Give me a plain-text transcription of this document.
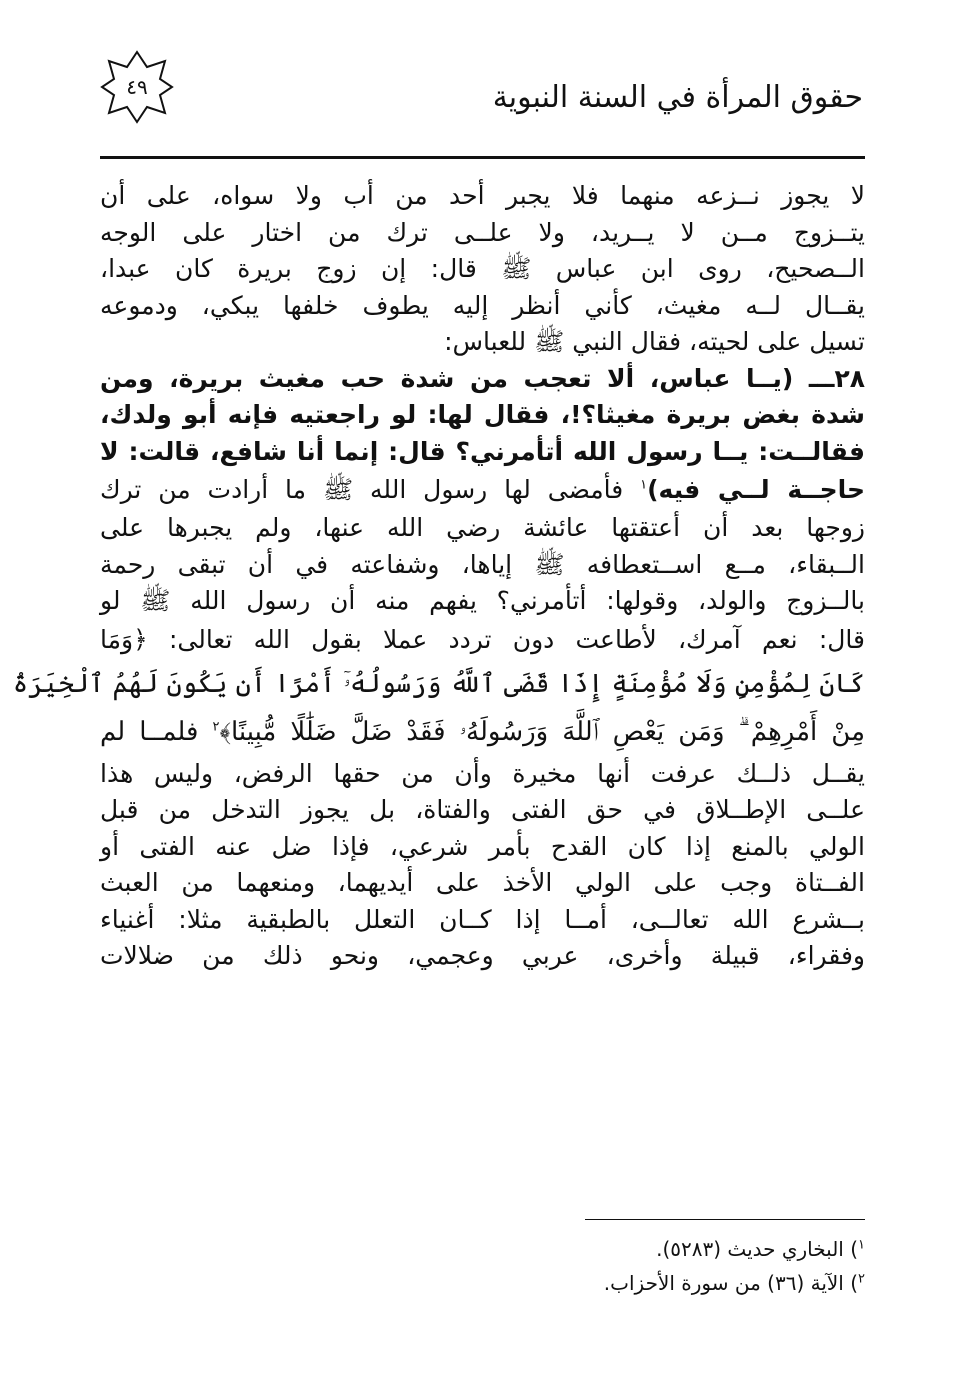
حقوق المرأة في السنة النبوية
٤٩
لا يجوز نــزعه منهما فلا يجبر أحد من أب ولا سواه، على أن
يتــزوج مــن لا يــريد، ولا علــى ترك من اختار على الوجه
الــصحيح، روى ابن عباس ﷺ قال: إن زوج بريرة كان عبدا،
يقــال لــه مغيث، كأني أنظر إليه يطوف خلفها يبكي، ودموعه
تسيل على لحيته، فقال النبي ﷺ للعباس:
٢٨ـــ (يــا عباس، ألا تعجب من شدة حب مغيث بريرة، ومن
شدة بغض بريرة مغيثا؟!، فقال لها: لو راجعتيه فإنه أبو ولدك،
فقالــت: يــا رسول الله أتأمرني؟ قال: إنما أنا شافع، قالت: لا
حاجــة لــي فيه)$^١$ فأمضى لها رسول الله ﷺ ما أرادت من ترك
زوجها بعد أن أعتقتها عائشة رضي الله عنها، ولم يجبرها على
الــبقاء، مــع اســتعطافه ﷺ إياها، وشفاعته في أن تبقى رحمة
بالــزوج والولد، وقولها: أتأمرني؟ يفهم منه أن رسول الله ﷺ لو
قال: نعم آمرك، لأطاعت دون تردد عملا بقول الله تعالى: ﴿وَمَا
كَانَ لِمُؤْمِنٍ وَلَا مُؤْمِنَةٍ إِذَا قَضَى ٱللَّهُ وَرَسُولُهُۥٓ أَمْرًا أَن يَكُونَ لَهُمُ ٱلْخِيَرَةُ
مِنْ أَمْرِهِمْ ۗ وَمَن يَعْصِ ٱللَّهَ وَرَسُولَهُۥ فَقَدْ ضَلَّ ضَلَٰلًا مُّبِينًا﴾$^٢$ فلمــا لم
يقــل ذلــك عرفت أنها مخيرة وأن من حقها الرفض، وليس هذا
علــى الإطــلاق في حق الفتى والفتاة، بل يجوز التدخل من قبل
الولي بالمنع إذا كان القدح بأمر شرعي، فإذا ضل عنه الفتى أو
الفــتاة وجب على الولي الأخذ على أيديهما، ومنعهما من العبث
بــشرع الله تعالــى، أمــا إذا كــان التعلل بالطبقية مثلا: أغنياء
وفقراء، قبيلة وأخرى، عربي وعجمي، ونحو ذلك من ضلالات
$^١$) البخاري حديث (٥٢٨٣).
$^٢$) الآية (٣٦) من سورة الأحزاب.
